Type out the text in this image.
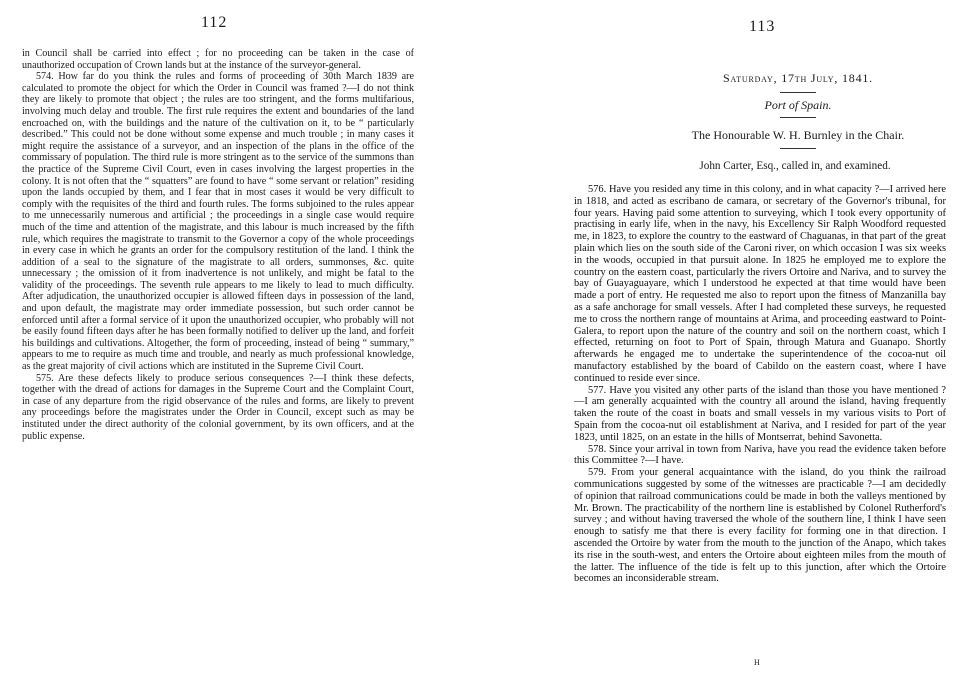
112

in Council shall be carried into effect ; for no proceeding can be taken in the case of unauthorized occupation of Crown lands but at the instance of the surveyor-general.

574. How far do you think the rules and forms of proceeding of 30th March 1839 are calculated to promote the object for which the Order in Council was framed ?—I do not think they are likely to promote that object ; the rules are too stringent, and the forms multifarious, involving much delay and trouble. The first rule requires the extent and boundaries of the land encroached on, with the buildings and the nature of the cultivation on it, to be “ particularly described.” This could not be done without some expense and much trouble ; in many cases it might require the assistance of a surveyor, and an inspection of the plans in the office of the commissary of population. The third rule is more stringent as to the service of the summons than the practice of the Supreme Civil Court, even in cases involving the largest properties in the colony. It is not often that the “ squatters” are found to have “ some servant or relation” residing upon the lands occupied by them, and I fear that in most cases it would be very difficult to comply with the requisites of the third and fourth rules. The forms subjoined to the rules appear to me unnecessarily numerous and artificial ; the proceedings in a single case would require much of the time and attention of the magistrate, and this labour is much increased by the fifth rule, which requires the magistrate to transmit to the Governor a copy of the whole proceedings in every case in which he grants an order for the compulsory restitution of the land. I think the addition of a seal to the signature of the magistrate to all orders, summonses, &c. quite unnecessary ; the omission of it from inadvertence is not unlikely, and might be fatal to the validity of the proceedings. The seventh rule appears to me likely to lead to much difficulty. After adjudication, the unauthorized occupier is allowed fifteen days in possession of the land, and upon default, the magistrate may order immediate possession, but such order cannot be enforced until after a formal service of it upon the unauthorized occupier, who probably will not be easily found fifteen days after he has been formally notified to deliver up the land, and forfeit his buildings and cultivations. Altogether, the form of proceeding, instead of being “ summary,” appears to me to require as much time and trouble, and nearly as much professional knowledge, as the great majority of civil actions which are instituted in the Supreme Civil Court.

575. Are these defects likely to produce serious consequences ?—I think these defects, together with the dread of actions for damages in the Supreme Court and the Complaint Court, in case of any departure from the rigid observance of the rules and forms, are likely to prevent any proceedings before the magistrates under the Order in Council, except such as may be instituted under the direct authority of the colonial government, by its own officers, and at the public expense.

113
Saturday, 17th July, 1841.
Port of Spain.
The Honourable W. H. Burnley in the Chair.
John Carter, Esq., called in, and examined.

576. Have you resided any time in this colony, and in what capacity ?—I arrived here in 1818, and acted as escribano de camara, or secretary of the Governor's tribunal, for four years. Having paid some attention to surveying, which I took every opportunity of practising in early life, when in the navy, his Excellency Sir Ralph Woodford requested me, in 1823, to explore the country to the eastward of Chaguanas, in that part of the great plain which lies on the south side of the Caroni river, on which occasion I was six weeks in the woods, occupied in that pursuit alone. In 1825 he employed me to explore the country on the eastern coast, particularly the rivers Ortoire and Nariva, and to survey the bay of Guayaguayare, which I understood he expected at that time would have been made a port of entry. He requested me also to report upon the fitness of Manzanilla bay as a safe anchorage for small vessels. After I had completed these surveys, he requested me to cross the northern range of mountains at Arima, and proceeding eastward to Point-Galera, to report upon the nature of the country and soil on the northern coast, which I effected, returning on foot to Port of Spain, through Matura and Guanapo. Shortly afterwards he engaged me to undertake the superintendence of the cocoa-nut oil manufactory established by the board of Cabildo on the eastern coast, where I have continued to reside ever since.

577. Have you visited any other parts of the island than those you have mentioned ?—I am generally acquainted with the country all around the island, having frequently taken the route of the coast in boats and small vessels in my various visits to Port of Spain from the cocoa-nut oil establishment at Nariva, and I resided for part of the year 1823, until 1825, on an estate in the hills of Montserrat, behind Savonetta.

578. Since your arrival in town from Nariva, have you read the evidence taken before this Committee ?—I have.

579. From your general acquaintance with the island, do you think the railroad communications suggested by some of the witnesses are practicable ?—I am decidedly of opinion that railroad communications could be made in both the valleys mentioned by Mr. Brown. The practicability of the northern line is established by Colonel Rutherford's survey ; and without having traversed the whole of the southern line, I think I have seen enough to satisfy me that there is every facility for forming one in that direction. I ascended the Ortoire by water from the mouth to the junction of the Anapo, which takes its rise in the south-west, and enters the Ortoire about eighteen miles from the mouth of the latter. The influence of the tide is felt up to this junction, after which the Ortoire becomes an inconsiderable stream.

H
